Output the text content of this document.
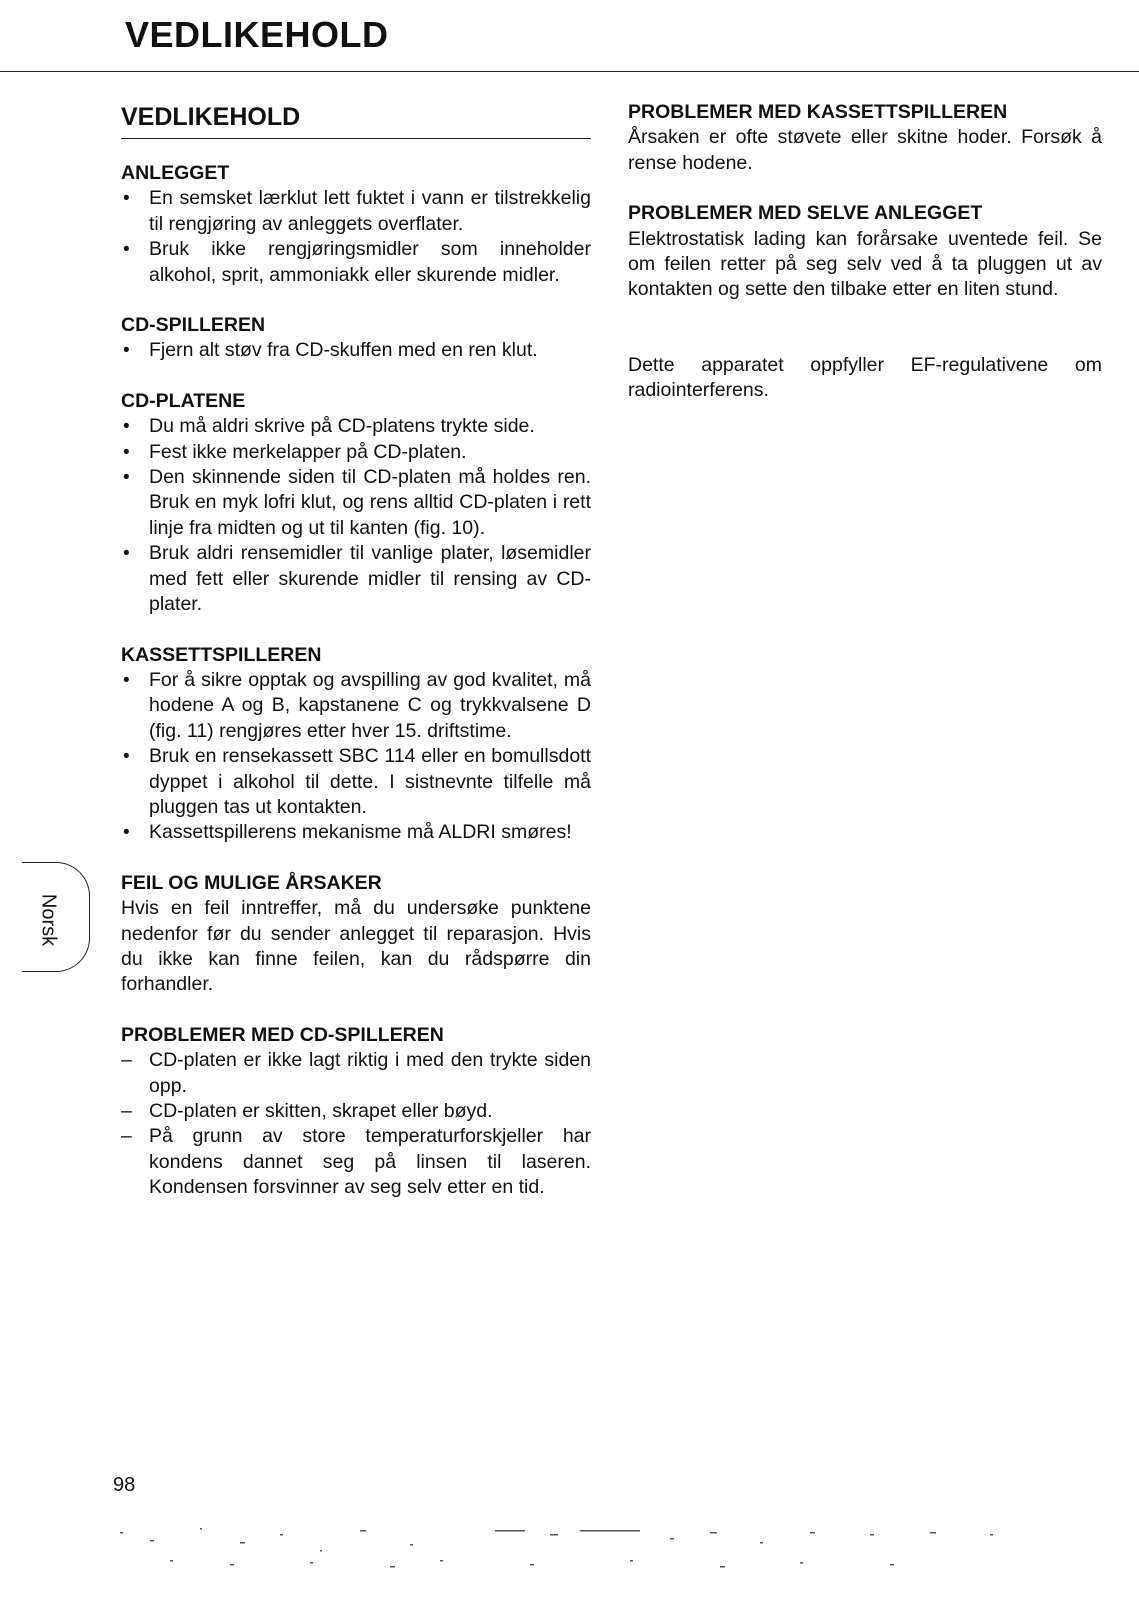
VEDLIKEHOLD
VEDLIKEHOLD
ANLEGGET
• En semsket lærklut lett fuktet i vann er tilstrekkelig til rengjøring av anleggets overflater.
• Bruk ikke rengjøringsmidler som inneholder alkohol, sprit, ammoniakk eller skurende midler.
CD-SPILLEREN
• Fjern alt støv fra CD-skuffen med en ren klut.
CD-PLATENE
• Du må aldri skrive på CD-platens trykte side.
• Fest ikke merkelapper på CD-platen.
• Den skinnende siden til CD-platen må holdes ren. Bruk en myk lofri klut, og rens alltid CD-platen i rett linje fra midten og ut til kanten (fig. 10).
• Bruk aldri rensemidler til vanlige plater, løsemidler med fett eller skurende midler til rensing av CD-plater.
KASSETTSPILLEREN
• For å sikre opptak og avspilling av god kvalitet, må hodene A og B, kapstanene C og trykkvalsene D (fig. 11) rengjøres etter hver 15. driftstime.
• Bruk en rensekassett SBC 114 eller en bomullsdott dyppet i alkohol til dette. I sistnevnte tilfelle må pluggen tas ut kontakten.
• Kassettspillerens mekanisme må ALDRI smøres!
FEIL OG MULIGE ÅRSAKER

Hvis en feil inntreffer, må du undersøke punktene nedenfor før du sender anlegget til reparasjon. Hvis du ikke kan finne feilen, kan du rådspørre din forhandler.

PROBLEMER MED CD-SPILLEREN
– CD-platen er ikke lagt riktig i med den trykte siden opp.
– CD-platen er skitten, skrapet eller bøyd.
– På grunn av store temperaturforskjeller har kondens dannet seg på linsen til laseren. Kondensen forsvinner av seg selv etter en tid.
PROBLEMER MED KASSETTSPILLEREN

Årsaken er ofte støvete eller skitne hoder. Forsøk å rense hodene.

PROBLEMER MED SELVE ANLEGGET

Elektrostatisk lading kan forårsake uventede feil. Se om feilen retter på seg selv ved å ta pluggen ut av kontakten og sette den tilbake etter en liten stund.

Dette apparatet oppfyller EF-regulativene om radiointerferens.

Norsk
98
